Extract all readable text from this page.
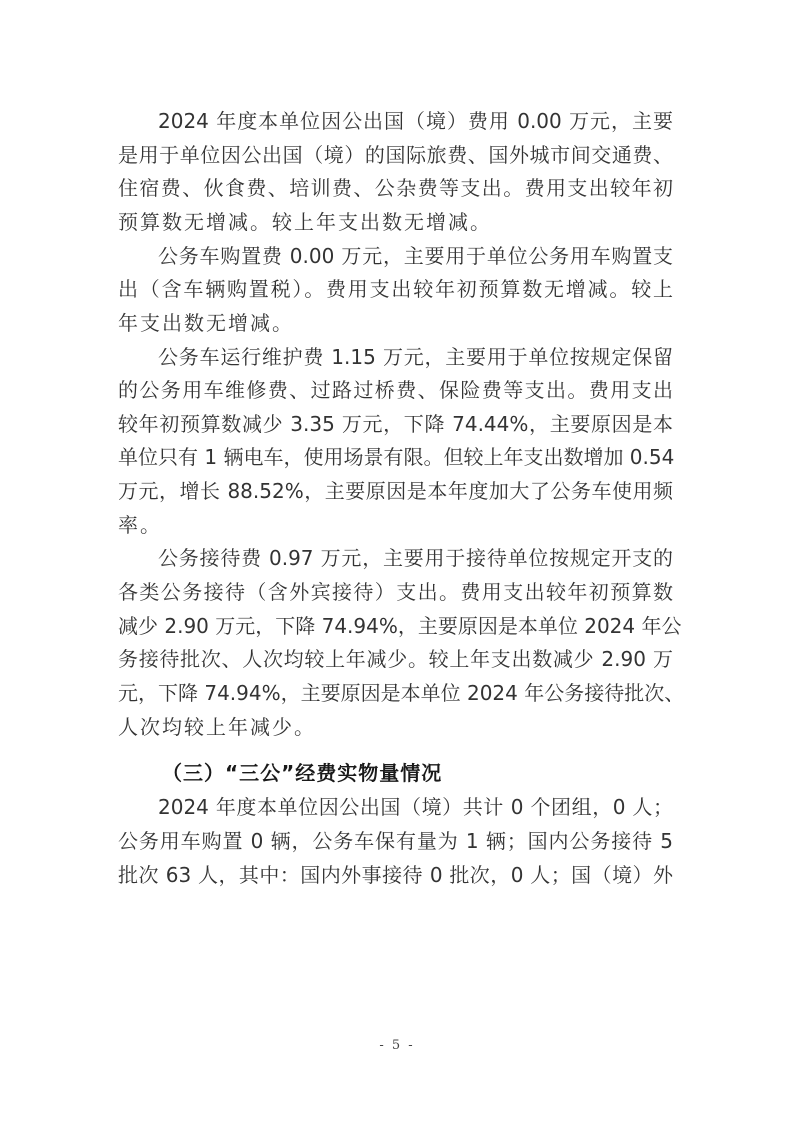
2024 年度本单位因公出国（境）费用 0.00 万元，主要
是用于单位因公出国（境）的国际旅费、国外城市间交通费、
住宿费、伙食费、培训费、公杂费等支出。费用支出较年初
预算数无增减。较上年支出数无增减。
公务车购置费 0.00 万元，主要用于单位公务用车购置支
出（含车辆购置税）。费用支出较年初预算数无增减。较上
年支出数无增减。
公务车运行维护费 1.15 万元，主要用于单位按规定保留
的公务用车维修费、过路过桥费、保险费等支出。费用支出
较年初预算数减少 3.35 万元，下降 74.44%，主要原因是本
单位只有 1 辆电车，使用场景有限。但较上年支出数增加 0.54
万元，增长 88.52%，主要原因是本年度加大了公务车使用频
率。
公务接待费 0.97 万元，主要用于接待单位按规定开支的
各类公务接待（含外宾接待）支出。费用支出较年初预算数
减少 2.90 万元，下降 74.94%，主要原因是本单位 2024 年公
务接待批次、人次均较上年减少。较上年支出数减少 2.90 万
元，下降 74.94%，主要原因是本单位 2024 年公务接待批次、
人次均较上年减少。
（三）“三公”经费实物量情况
2024 年度本单位因公出国（境）共计 0 个团组，0 人；
公务用车购置 0 辆，公务车保有量为 1 辆；国内公务接待 5
批次 63 人，其中：国内外事接待 0 批次，0 人；国（境）外
- 5 -
